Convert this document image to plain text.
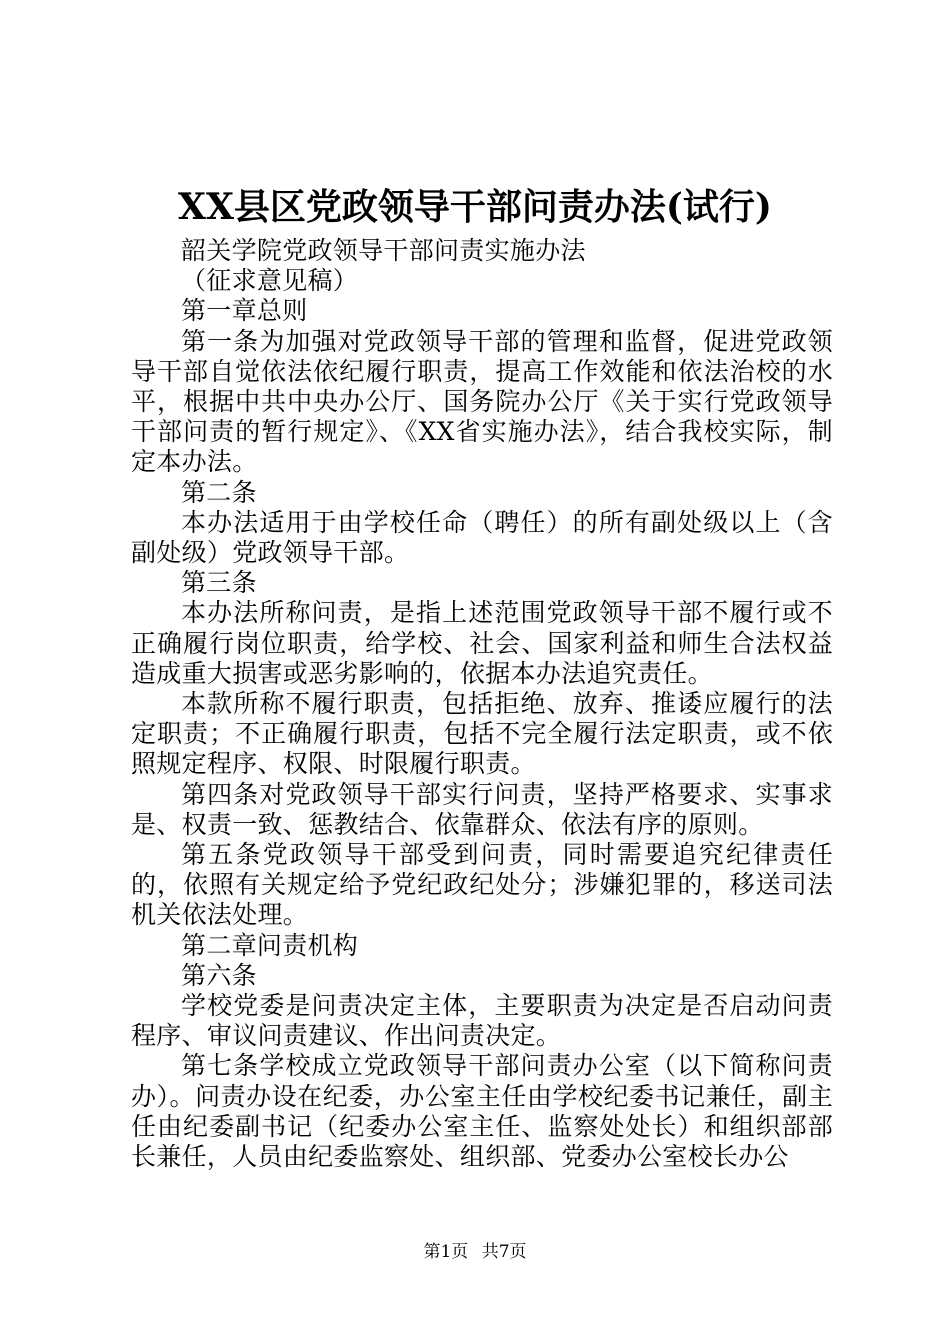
XX县区党政领导干部问责办法(试行)

韶关学院党政领导干部问责实施办法

（征求意见稿）

第一章总则

第一条为加强对党政领导干部的管理和监督，促进党政领导干部自觉依法依纪履行职责，提高工作效能和依法治校的水平，根据中共中央办公厅、国务院办公厅《关于实行党政领导干部问责的暂行规定》、《XX省实施办法》，结合我校实际，制定本办法。

第二条

本办法适用于由学校任命（聘任）的所有副处级以上（含副处级）党政领导干部。

第三条

本办法所称问责，是指上述范围党政领导干部不履行或不正确履行岗位职责，给学校、社会、国家利益和师生合法权益造成重大损害或恶劣影响的，依据本办法追究责任。

本款所称不履行职责，包括拒绝、放弃、推诿应履行的法定职责；不正确履行职责，包括不完全履行法定职责，或不依照规定程序、权限、时限履行职责。

第四条对党政领导干部实行问责，坚持严格要求、实事求是、权责一致、惩教结合、依靠群众、依法有序的原则。

第五条党政领导干部受到问责，同时需要追究纪律责任的，依照有关规定给予党纪政纪处分；涉嫌犯罪的，移送司法机关依法处理。

第二章问责机构

第六条

学校党委是问责决定主体，主要职责为决定是否启动问责程序、审议问责建议、作出问责决定。

第七条学校成立党政领导干部问责办公室（以下简称问责办）。问责办设在纪委，办公室主任由学校纪委书记兼任，副主任由纪委副书记（纪委办公室主任、监察处处长）和组织部部长兼任，人员由纪委监察处、组织部、党委办公室校长办公

第1页 共7页
